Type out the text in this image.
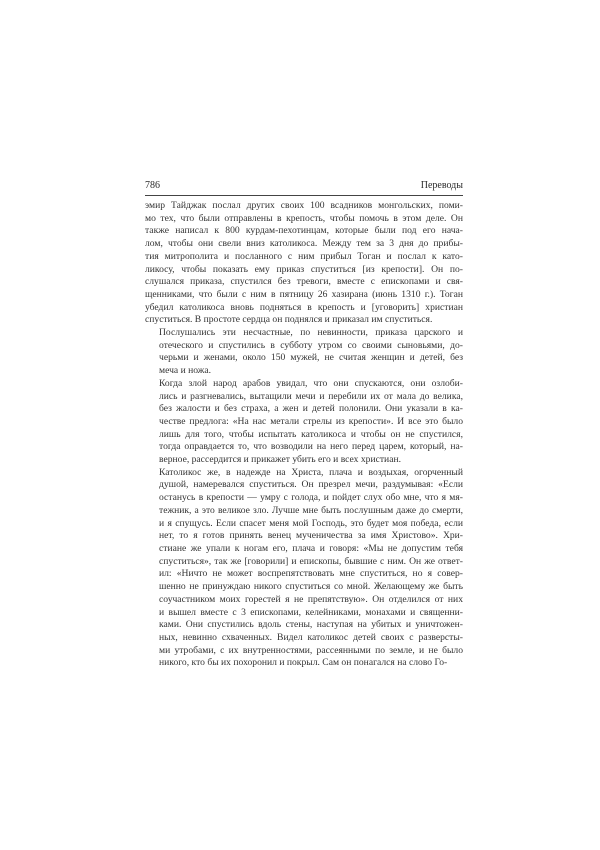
786	Переводы

эмир Тайджак послал других своих 100 всадников монгольских, поми-
мо тех, что были отправлены в крепость, чтобы помочь в этом деле. Он
также написал к 800 курдам-пехотинцам, которые были под его нача-
лом, чтобы они свели вниз католикоса. Между тем за 3 дня до прибы-
тия митрополита и посланного с ним прибыл Тоган и послал к като-
ликосу, чтобы показать ему приказ спуститься [из крепости]. Он по-
слушался приказа, спустился без тревоги, вместе с епископами и свя-
щенниками, что были с ним в пятницу 26 хазирана (июнь 1310 г.). Тоган
убедил католикоса вновь подняться в крепость и [уговорить] христиан
спуститься. В простоте сердца он поднялся и приказал им спуститься.

Послушались эти несчастные, по невинности, приказа царского и
отеческого и спустились в субботу утром со своими сыновьями, до-
черьми и женами, около 150 мужей, не считая женщин и детей, без
меча и ножа.

Когда злой народ арабов увидал, что они спускаются, они озлоби-
лись и разгневались, вытащили мечи и перебили их от мала до велика,
без жалости и без страха, а жен и детей полонили. Они указали в ка-
честве предлога: «На нас метали стрелы из крепости». И все это было
лишь для того, чтобы испытать католикоса и чтобы он не спустился,
тогда оправдается то, что возводили на него перед царем, который, на-
верное, рассердится и прикажет убить его и всех христиан.

Католикос же, в надежде на Христа, плача и воздыхая, огорченный
душой, намеревался спуститься. Он презрел мечи, раздумывая: «Если
останусь в крепости — умру с голода, и пойдет слух обо мне, что я мя-
тежник, а это великое зло. Лучше мне быть послушным даже до смерти,
и я спущусь. Если спасет меня мой Господь, это будет моя победа, если
нет, то я готов принять венец мученичества за имя Христово». Хри-
стиане же упали к ногам его, плача и говоря: «Мы не допустим тебя
спуститься», так же [говорили] и епископы, бывшие с ним. Он же ответ-
ил: «Ничто не может воспрепятствовать мне спуститься, но я совер-
шенно не принуждаю никого спуститься со мной. Желающему же быть
соучастником моих горестей я не препятствую». Он отделился от них
и вышел вместе с 3 епископами, келейниками, монахами и священни-
ками. Они спустились вдоль стены, наступая на убитых и уничтожен-
ных, невинно схваченных. Видел католикос детей своих с разверсты-
ми утробами, с их внутренностями, рассеянными по земле, и не было
никого, кто бы их похоронил и покрыл. Сам он понагался на слово Го-
